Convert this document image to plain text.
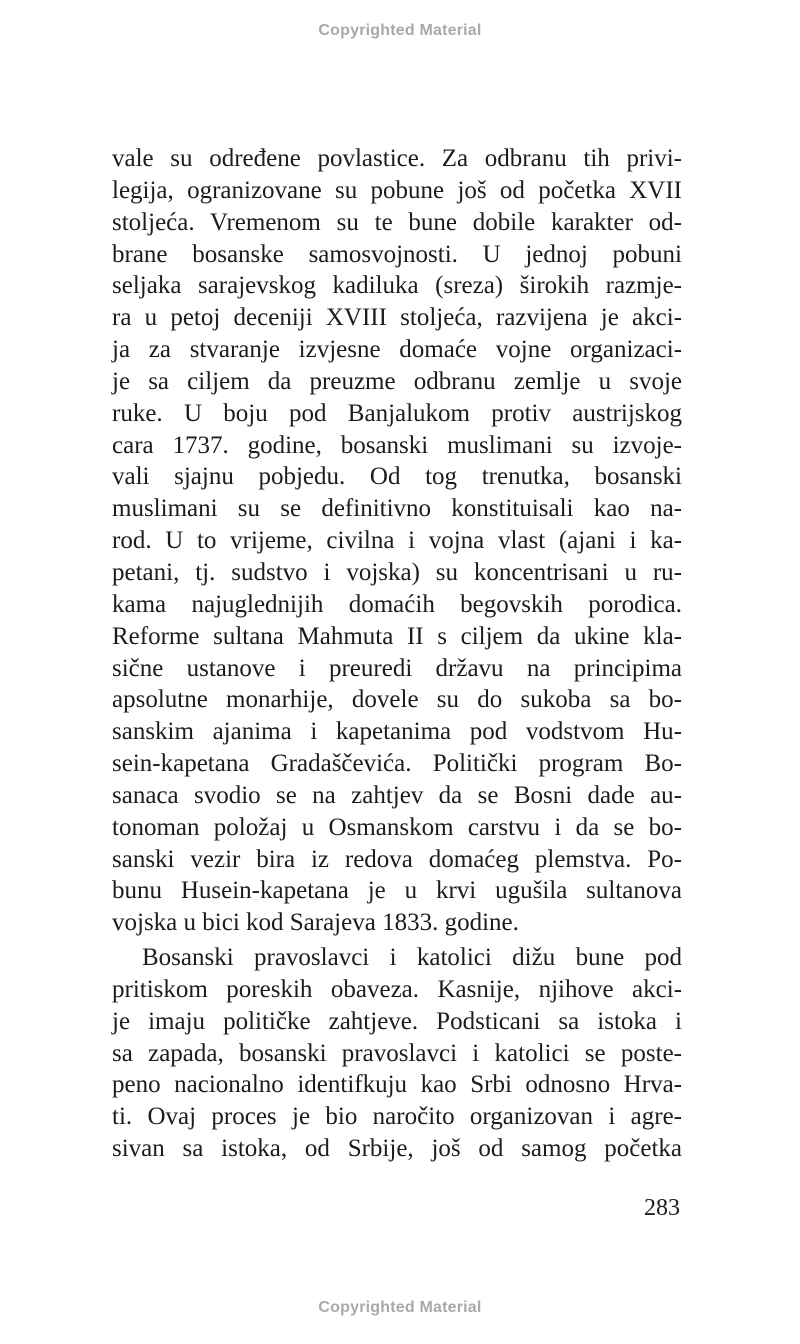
Copyrighted Material
vale su određene povlastice. Za odbranu tih privi-
legija, ogranizovane su pobune još od početka XVII
stoljeća. Vremenom su te bune dobile karakter od-
brane bosanske samosvojnosti. U jednoj pobuni
seljaka sarajevskog kadiluka (sreza) širokih razmje-
ra u petoj deceniji XVIII stoljeća, razvijena je akci-
ja za stvaranje izvjesne domaće vojne organizaci-
je sa ciljem da preuzme odbranu zemlje u svoje
ruke. U boju pod Banjalukom protiv austrijskog
cara 1737. godine, bosanski muslimani su izvoje-
vali sjajnu pobjedu. Od tog trenutka, bosanski
muslimani su se definitivno konstituisali kao na-
rod. U to vrijeme, civilna i vojna vlast (ajani i ka-
petani, tj. sudstvo i vojska) su koncentrisani u ru-
kama najuglednijih domaćih begovskih porodica.
Reforme sultana Mahmuta II s ciljem da ukine kla-
sične ustanove i preuredi državu na principima
apsolutne monarhije, dovele su do sukoba sa bo-
sanskim ajanima i kapetanima pod vodstvom Hu-
sein-kapetana Gradaščevića. Politički program Bo-
sanaca svodio se na zahtjev da se Bosni dade au-
tonoman položaj u Osmanskom carstvu i da se bo-
sanski vezir bira iz redova domaćeg plemstva. Po-
bunu Husein-kapetana je u krvi ugušila sultanova
vojska u bici kod Sarajeva 1833. godine.
Bosanski pravoslavci i katolici dižu bune pod
pritiskom poreskih obaveza. Kasnije, njihove akci-
je imaju političke zahtjeve. Podsticani sa istoka i
sa zapada, bosanski pravoslavci i katolici se poste-
peno nacionalno identifkuju kao Srbi odnosno Hrva-
ti. Ovaj proces je bio naročito organizovan i agre-
sivan sa istoka, od Srbije, još od samog početka
283
Copyrighted Material
